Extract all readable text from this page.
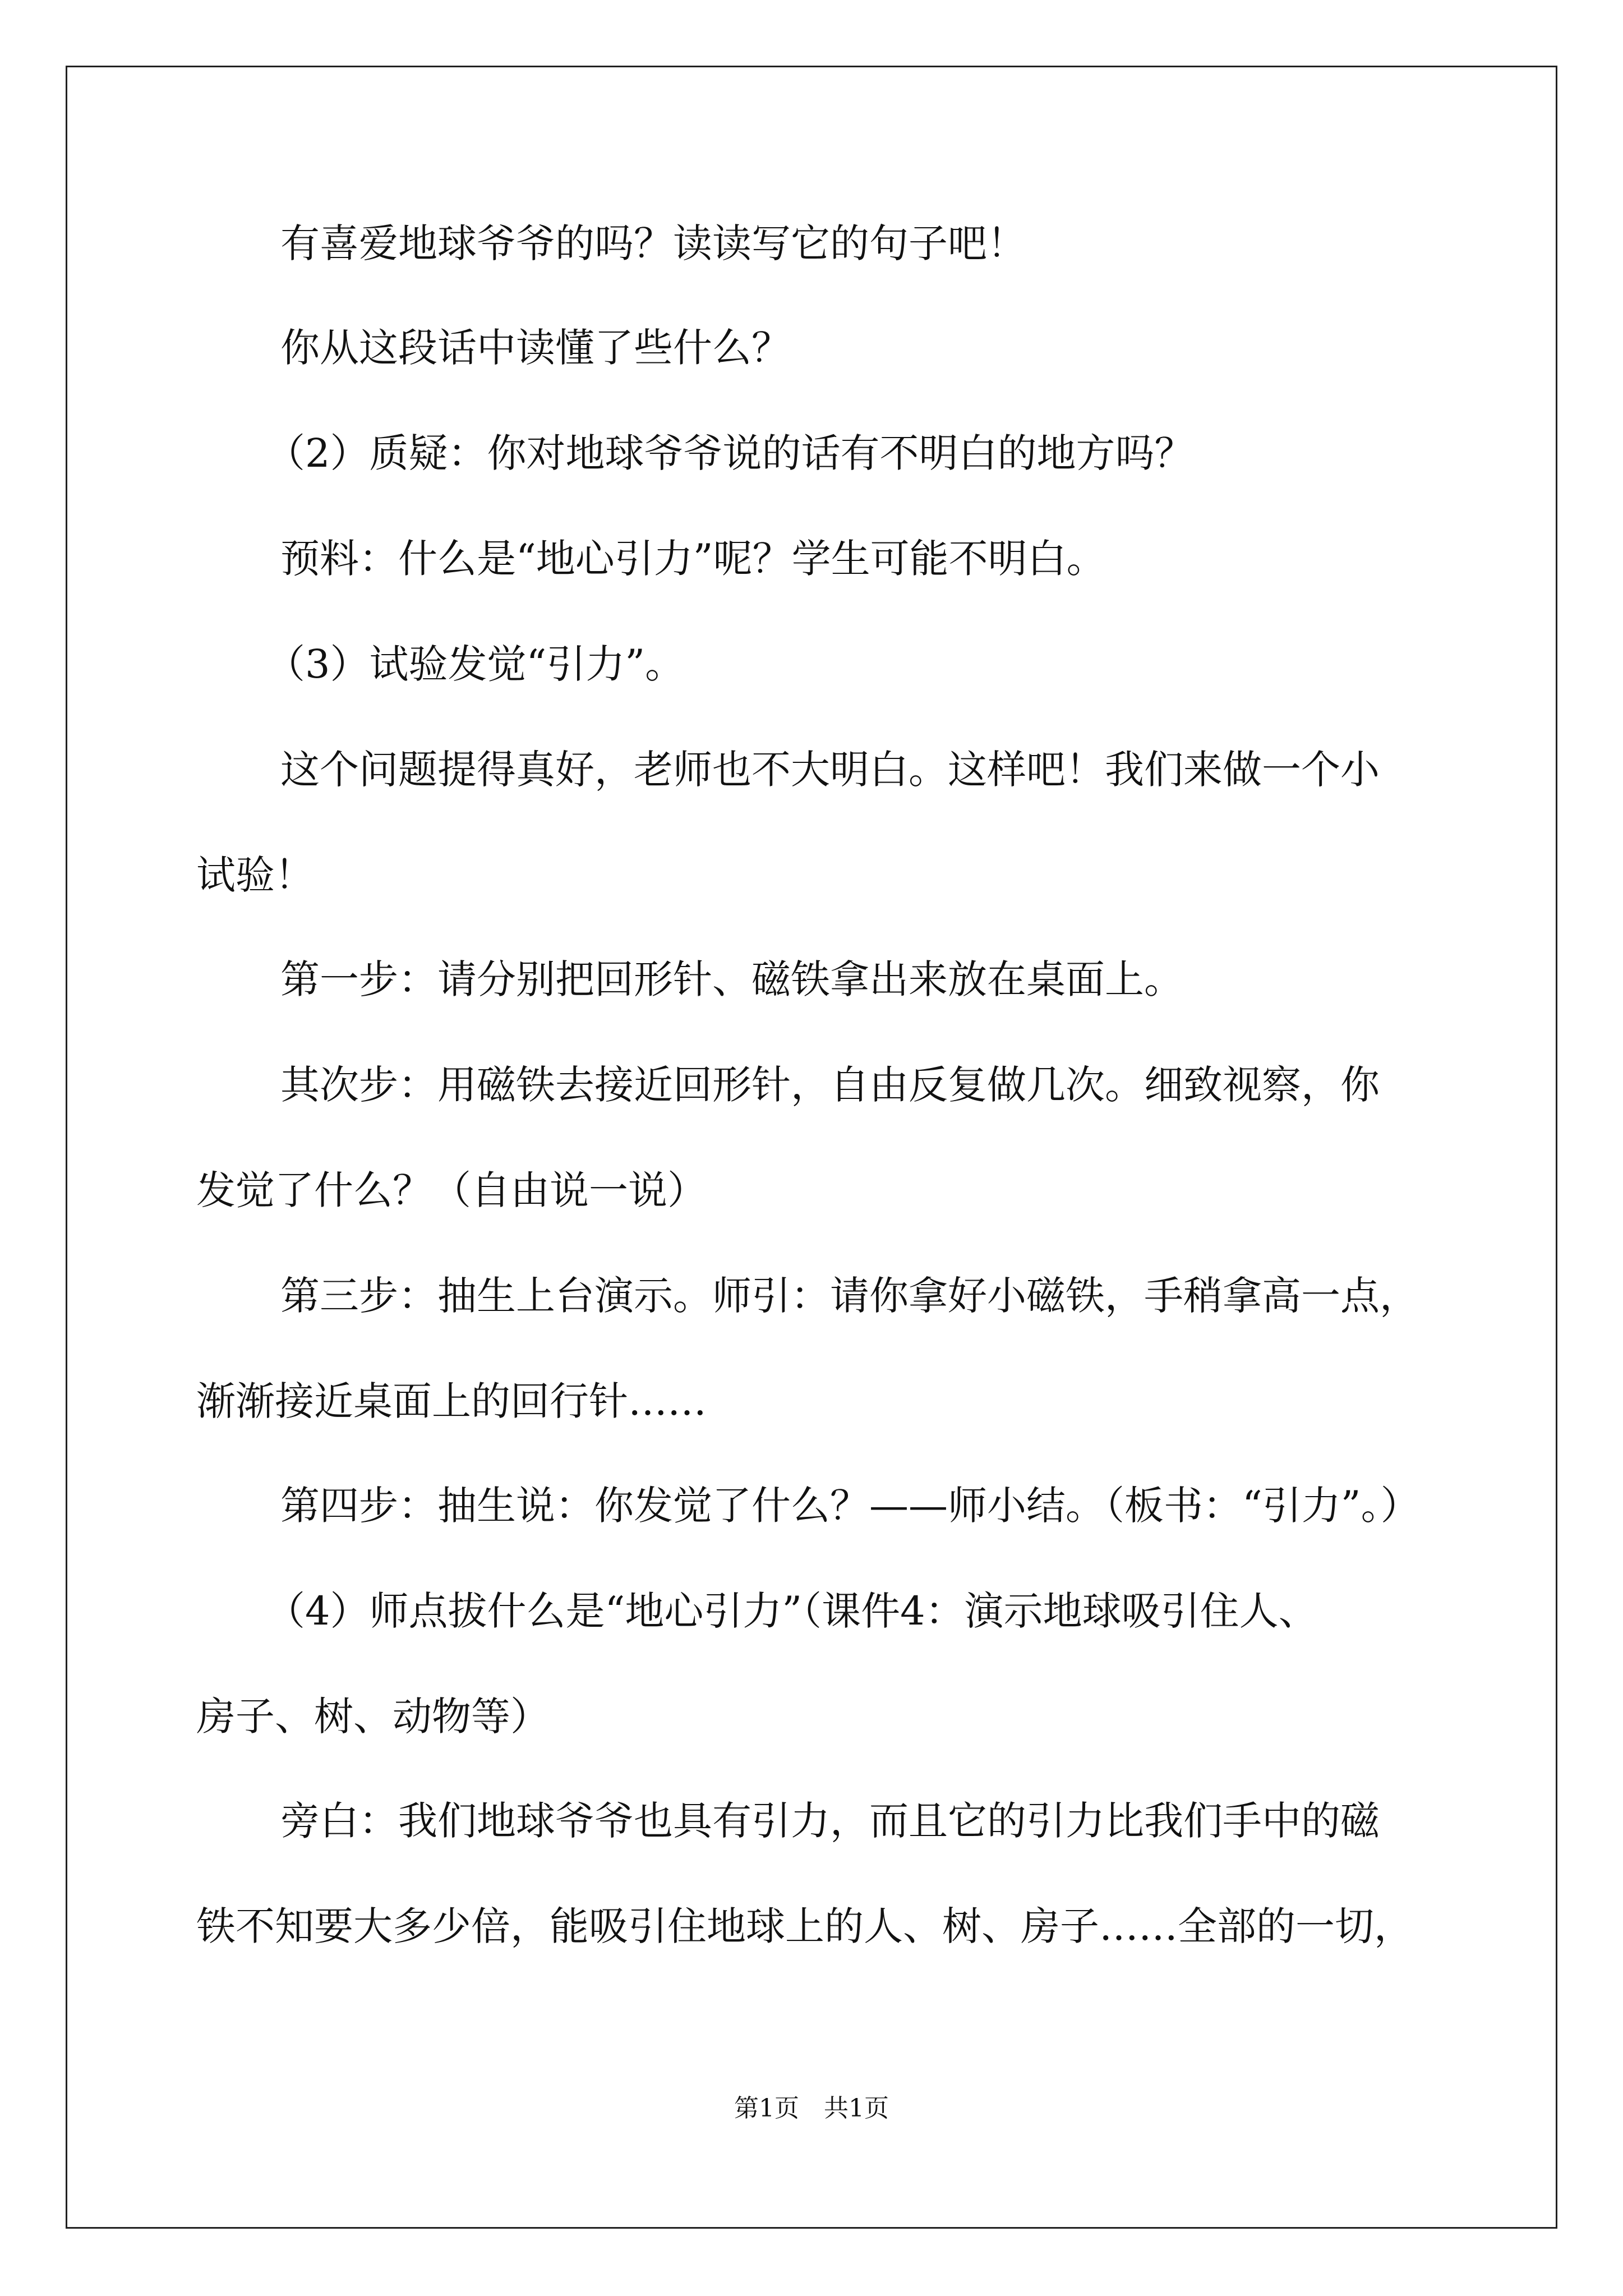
有喜爱地球爷爷的吗？读读写它的句子吧！
你从这段话中读懂了些什么？
（2）质疑：你对地球爷爷说的话有不明白的地方吗？
预料：什么是“地心引力”呢？学生可能不明白。
（3）试验发觉“引力”。
这个问题提得真好，老师也不大明白。这样吧！我们来做一个小
试验！
第一步：请分别把回形针、磁铁拿出来放在桌面上。
其次步：用磁铁去接近回形针，自由反复做几次。细致视察，你
发觉了什么？（自由说一说）
第三步：抽生上台演示。师引：请你拿好小磁铁，手稍拿高一点，
渐渐接近桌面上的回行针……
第四步：抽生说：你发觉了什么？——师小结。（板书：“引力”。）
（4）师点拔什么是“地心引力”（课件4：演示地球吸引住人、
房子、树、动物等）
旁白：我们地球爷爷也具有引力，而且它的引力比我们手中的磁
铁不知要大多少倍，能吸引住地球上的人、树、房子……全部的一切，
第1页　共1页
